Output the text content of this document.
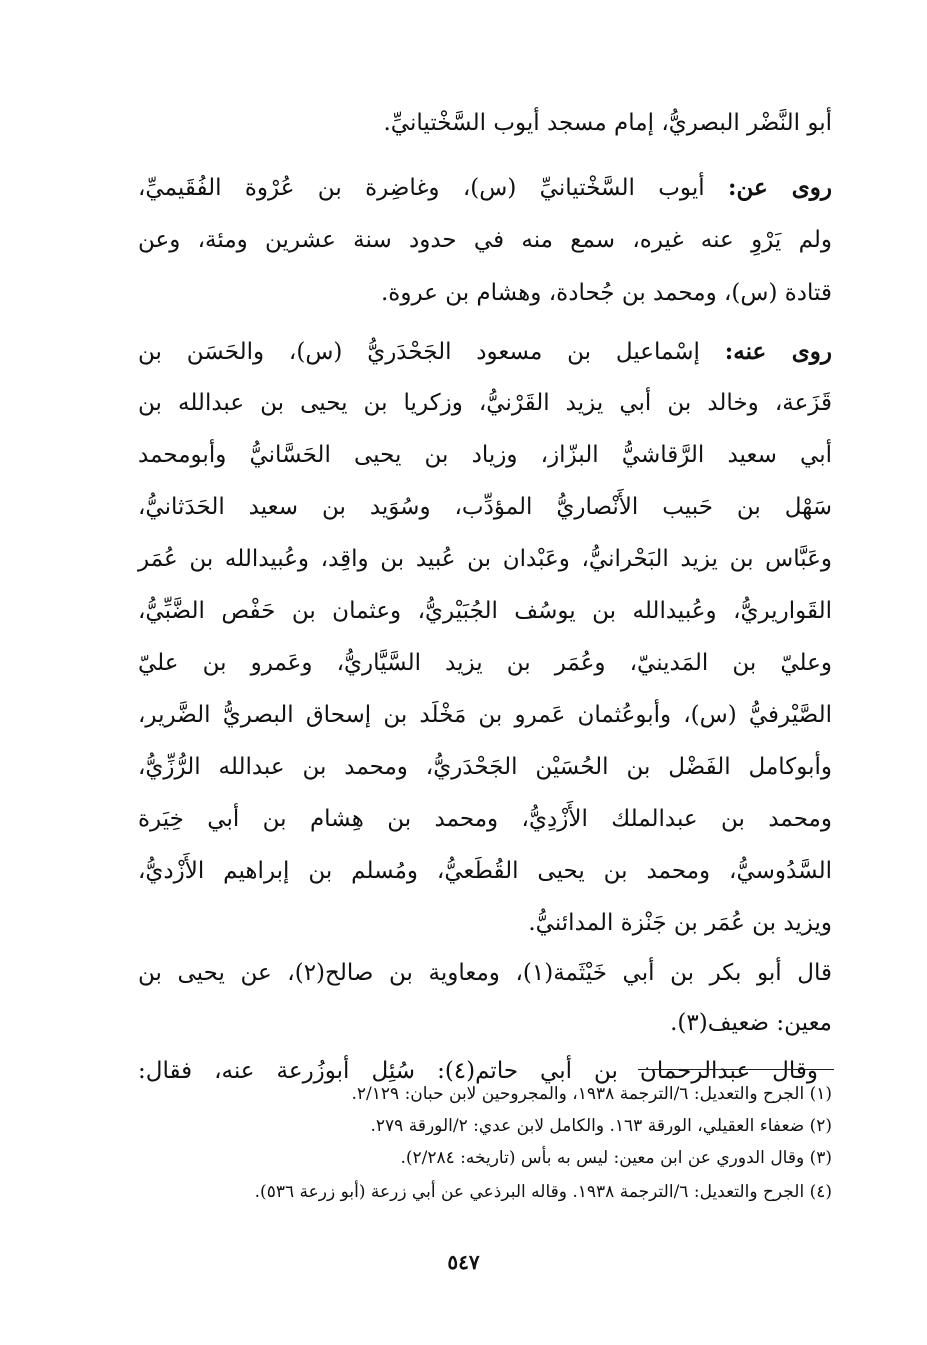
أبو النَّضْر البصريُّ، إمام مسجد أيوب السَّخْتيانيِّ.
روى عن: أيوب السَّخْتيانيِّ (س)، وغاضِرة بن عُرْوة الفُقَيميِّ،
ولم يَرْوِ عنه غيره، سمع منه في حدود سنة عشرين ومئة، وعن
قتادة (س)، ومحمد بن جُحادة، وهشام بن عروة.
روى عنه: إسْماعيل بن مسعود الجَحْدَريُّ (س)، والحَسَن بن
قَزَعة، وخالد بن أبي يزيد القَرْنيُّ، وزكريا بن يحيى بن عبدالله بن
أبي سعيد الرَّقاشيُّ البزّاز، وزياد بن يحيى الحَسَّانيُّ وأبومحمد
سَهْل بن حَبيب الأَنْصاريُّ المؤدِّب، وسُوَيد بن سعيد الحَدَثانيُّ،
وعَبَّاس بن يزيد البَحْرانيُّ، وعَبْدان بن عُبيد بن واقِد، وعُبيدالله بن عُمَر
القَواريريُّ، وعُبيدالله بن يوسُف الجُبَيْريُّ، وعثمان بن حَفْص الضَّبِّيُّ،
وعليّ بن المَدينيّ، وعُمَر بن يزيد السَّيَّاريُّ، وعَمرو بن عليّ
الصَّيْرفيُّ (س)، وأبوعُثمان عَمرو بن مَخْلَد بن إسحاق البصريُّ الضَّرير،
وأبوكامل الفَضْل بن الحُسَيْن الجَحْدَريُّ، ومحمد بن عبدالله الرُّزِّيُّ،
ومحمد بن عبدالملك الأَزْدِيُّ، ومحمد بن هِشام بن أبي خِيَرة
السَّدُوسيُّ، ومحمد بن يحيى القُطَعيُّ، ومُسلم بن إبراهيم الأَزْديُّ،
ويزيد بن عُمَر بن جَنْزة المدائنيُّ.
قال أبو بكر بن أبي خَيْثَمة(١)، ومعاوية بن صالح(٢)، عن يحيى بن
معين: ضعيف(٣).
وقال عبدالرحمان بن أبي حاتم(٤): سُئِل أبوزُرعة عنه، فقال:
(١) الجرح والتعديل: ٦/الترجمة ١٩٣٨، والمجروحين لابن حبان: ٢/١٢٩.
(٢) ضعفاء العقيلي، الورقة ١٦٣. والكامل لابن عدي: ٢/الورقة ٢٧٩.
(٣) وقال الدوري عن ابن معين: ليس به بأس (تاريخه: ٢/٢٨٤).
(٤) الجرح والتعديل: ٦/الترجمة ١٩٣٨. وقاله البرذعي عن أبي زرعة (أبو زرعة ٥٣٦).
٥٤٧
